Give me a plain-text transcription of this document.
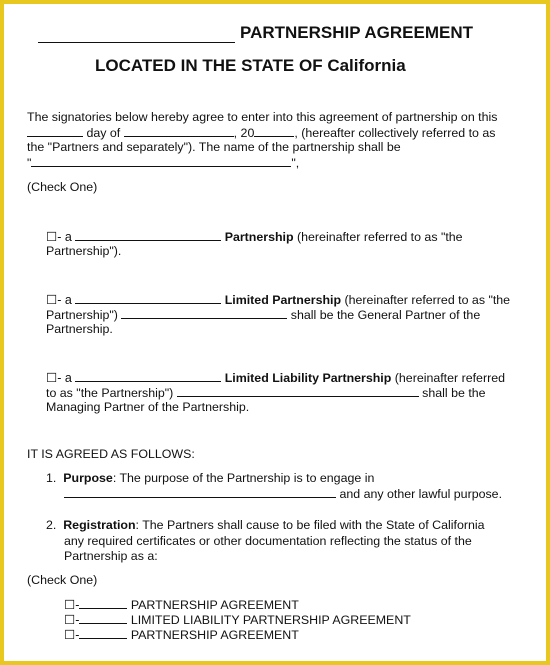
PARTNERSHIP AGREEMENT
LOCATED IN THE STATE OF California
The signatories below hereby agree to enter into this agreement of partnership on this
day of	, 20	, (hereafter collectively referred to as
the "Partners and separately"). The name of the partnership shall be
"	",
(Check One)
☐- a	Partnership (hereinafter referred to as "the
Partnership").
☐- a	Limited Partnership (hereinafter referred to as "the
Partnership")	shall be the General Partner of the
Partnership.
☐- a	Limited Liability Partnership (hereinafter referred
to as "the Partnership")	shall be the
Managing Partner of the Partnership.
IT IS AGREED AS FOLLOWS:
1. Purpose: The purpose of the Partnership is to engage in
and any other lawful purpose.
2. Registration: The Partners shall cause to be filed with the State of California
any required certificates or other documentation reflecting the status of the
Partnership as a:
(Check One)
☐-	PARTNERSHIP AGREEMENT
☐-	LIMITED LIABILITY PARTNERSHIP AGREEMENT
☐-	PARTNERSHIP AGREEMENT
